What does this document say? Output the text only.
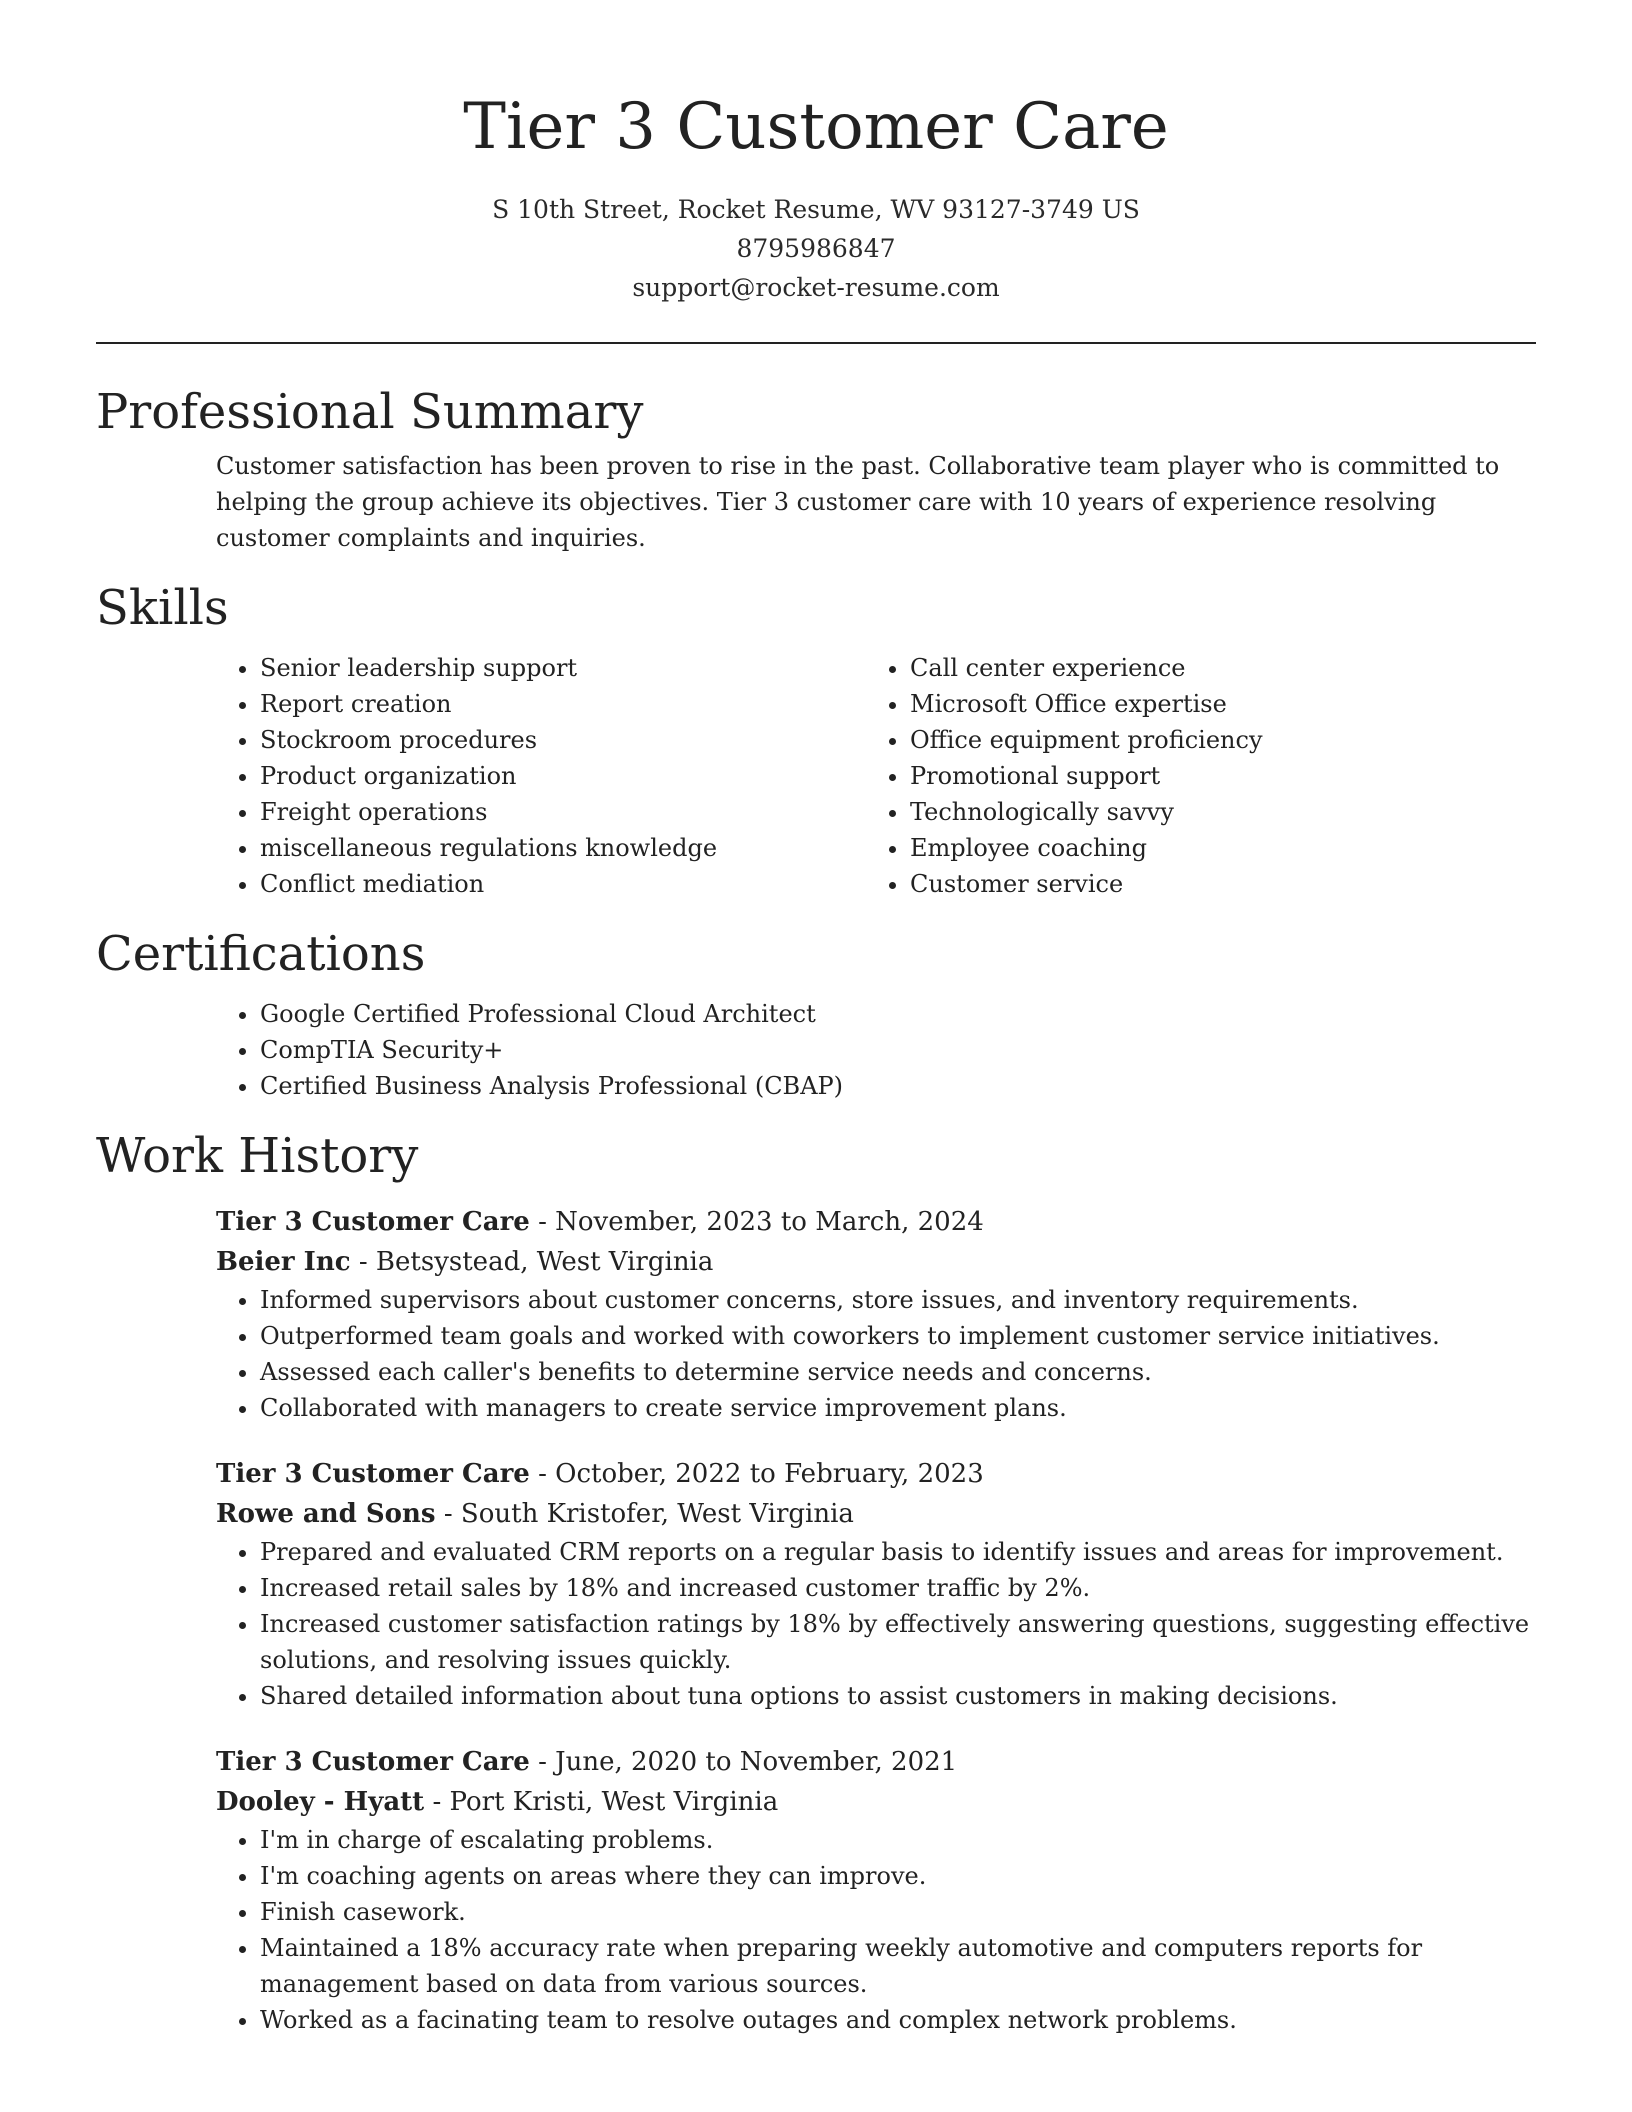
Tier 3 Customer Care
S 10th Street, Rocket Resume, WV 93127-3749 US
8795986847
support@rocket-resume.com
Professional Summary
Customer satisfaction has been proven to rise in the past. Collaborative team player who is committed to helping the group achieve its objectives. Tier 3 customer care with 10 years of experience resolving customer complaints and inquiries.
Skills
• Senior leadership support
• Report creation
• Stockroom procedures
• Product organization
• Freight operations
• miscellaneous regulations knowledge
• Conflict mediation
• Call center experience
• Microsoft Office expertise
• Office equipment proficiency
• Promotional support
• Technologically savvy
• Employee coaching
• Customer service
Certifications
• Google Certified Professional Cloud Architect
• CompTIA Security+
• Certified Business Analysis Professional (CBAP)
Work History
Tier 3 Customer Care - November, 2023 to March, 2024
Beier Inc - Betsystead, West Virginia
• Informed supervisors about customer concerns, store issues, and inventory requirements.
• Outperformed team goals and worked with coworkers to implement customer service initiatives.
• Assessed each caller's benefits to determine service needs and concerns.
• Collaborated with managers to create service improvement plans.
Tier 3 Customer Care - October, 2022 to February, 2023
Rowe and Sons - South Kristofer, West Virginia
• Prepared and evaluated CRM reports on a regular basis to identify issues and areas for improvement.
• Increased retail sales by 18% and increased customer traffic by 2%.
• Increased customer satisfaction ratings by 18% by effectively answering questions, suggesting effective solutions, and resolving issues quickly.
• Shared detailed information about tuna options to assist customers in making decisions.
Tier 3 Customer Care - June, 2020 to November, 2021
Dooley - Hyatt - Port Kristi, West Virginia
• I'm in charge of escalating problems.
• I'm coaching agents on areas where they can improve.
• Finish casework.
• Maintained a 18% accuracy rate when preparing weekly automotive and computers reports for management based on data from various sources.
• Worked as a facinating team to resolve outages and complex network problems.
